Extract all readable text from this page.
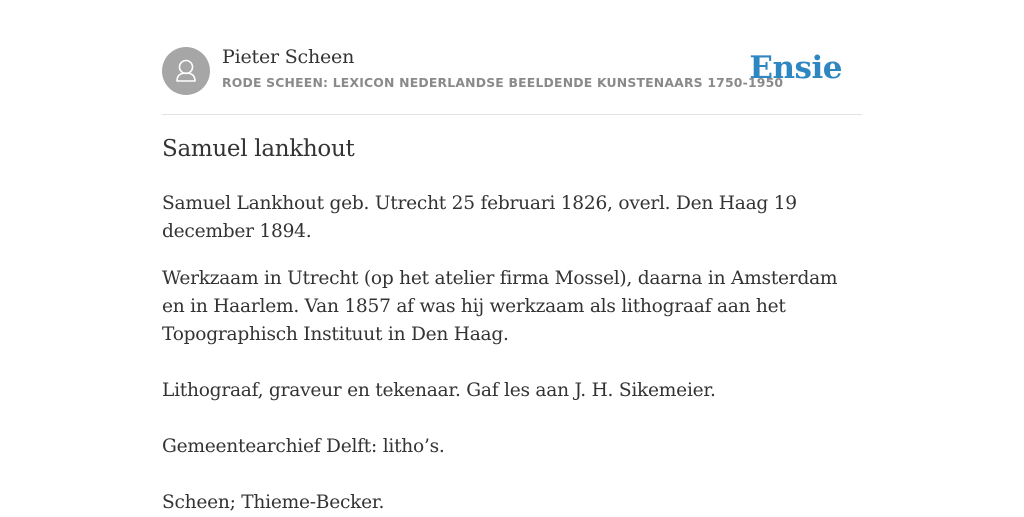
Pieter Scheen
RODE SCHEEN: LEXICON NEDERLANDSE BEELDENDE KUNSTENAARS 1750-1950
Ensie
Samuel lankhout

Samuel Lankhout geb. Utrecht 25 februari 1826, overl. Den Haag 19 december 1894.

Werkzaam in Utrecht (op het atelier firma Mossel), daarna in Amsterdam en in Haarlem. Van 1857 af was hij werkzaam als lithograaf aan het Topographisch Instituut in Den Haag.

Lithograaf, graveur en tekenaar. Gaf les aan J. H. Sikemeier.

Gemeentearchief Delft: litho’s.

Scheen; Thieme-Becker.
